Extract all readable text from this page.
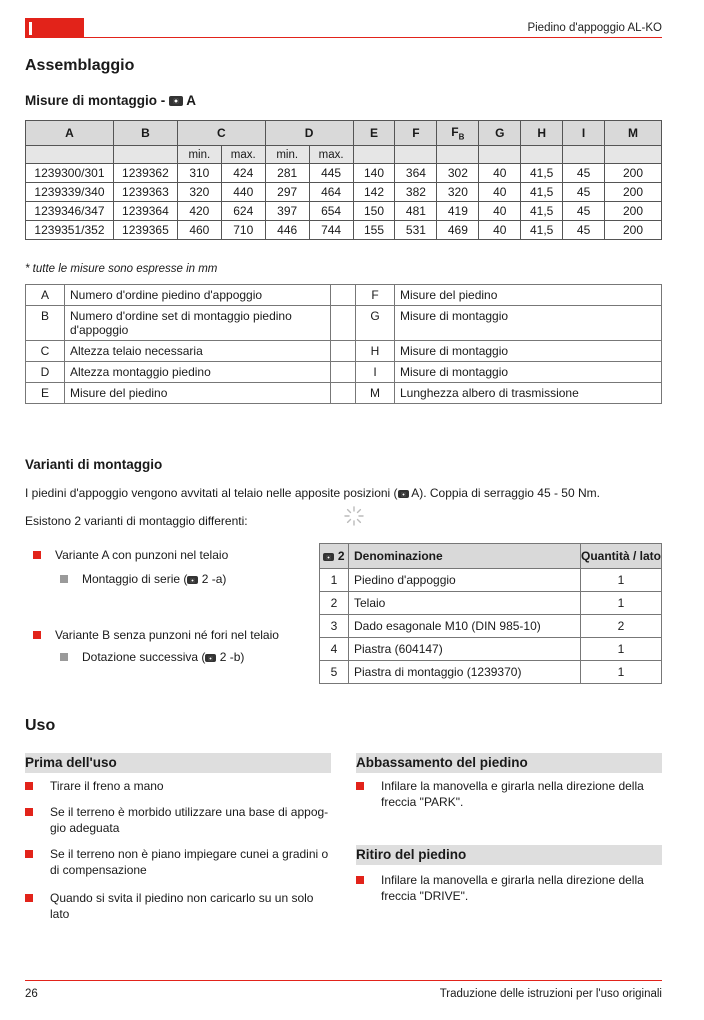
Piedino d'appoggio AL-KO
Assemblaggio
Misure di montaggio -  A
A	B	C		D		E	F	$F_B$	G	H	I	M
		min.	max.	min.	max.							
1239300/301	1239362	310	424	281	445	140	364	302	40	41,5	45	200
1239339/340	1239363	320	440	297	464	142	382	320	40	41,5	45	200
1239346/347	1239364	420	624	397	654	150	481	419	40	41,5	45	200
1239351/352	1239365	460	710	446	744	155	531	469	40	41,5	45	200
* tutte le misure sono espresse in mm
A	Numero d'ordine piedino d'appoggio		F	Misure del piedino
B	Numero d'ordine set di montaggio piedino d'appoggio		G	Misure di montaggio
C	Altezza telaio necessaria		H	Misure di montaggio
D	Altezza montaggio piedino		I	Misure di montaggio
E	Misure del piedino		M	Lunghezza albero di trasmissione
Varianti di montaggio
I piedini d'appoggio vengono avvitati al telaio nelle apposite posizioni ( A). Coppia di serraggio 45 - 50 Nm.
Esistono 2 varianti di montaggio differenti:
Variante A con punzoni nel telaio
Montaggio di serie ( 2 -a)
Variante B senza punzoni né fori nel telaio
Dotazione successiva ( 2 -b)
2	Denominazione	Quantità / lato
1	Piedino d'appoggio	1
2	Telaio	1
3	Dado esagonale M10 (DIN 985-10)	2
4	Piastra (604147)	1
5	Piastra di montaggio (1239370)	1
Uso
Prima dell'uso
Tirare il freno a mano
Se il terreno è morbido utilizzare una base di appog-
gio adeguata
Se il terreno non è piano impiegare cunei a gradini o
di compensazione
Quando si svita il piedino non caricarlo su un solo
lato
Abbassamento del piedino
Infilare la manovella e girarla nella direzione della
freccia "PARK".
Ritiro del piedino
Infilare la manovella e girarla nella direzione della
freccia "DRIVE".
26	Traduzione delle istruzioni per l'uso originali
